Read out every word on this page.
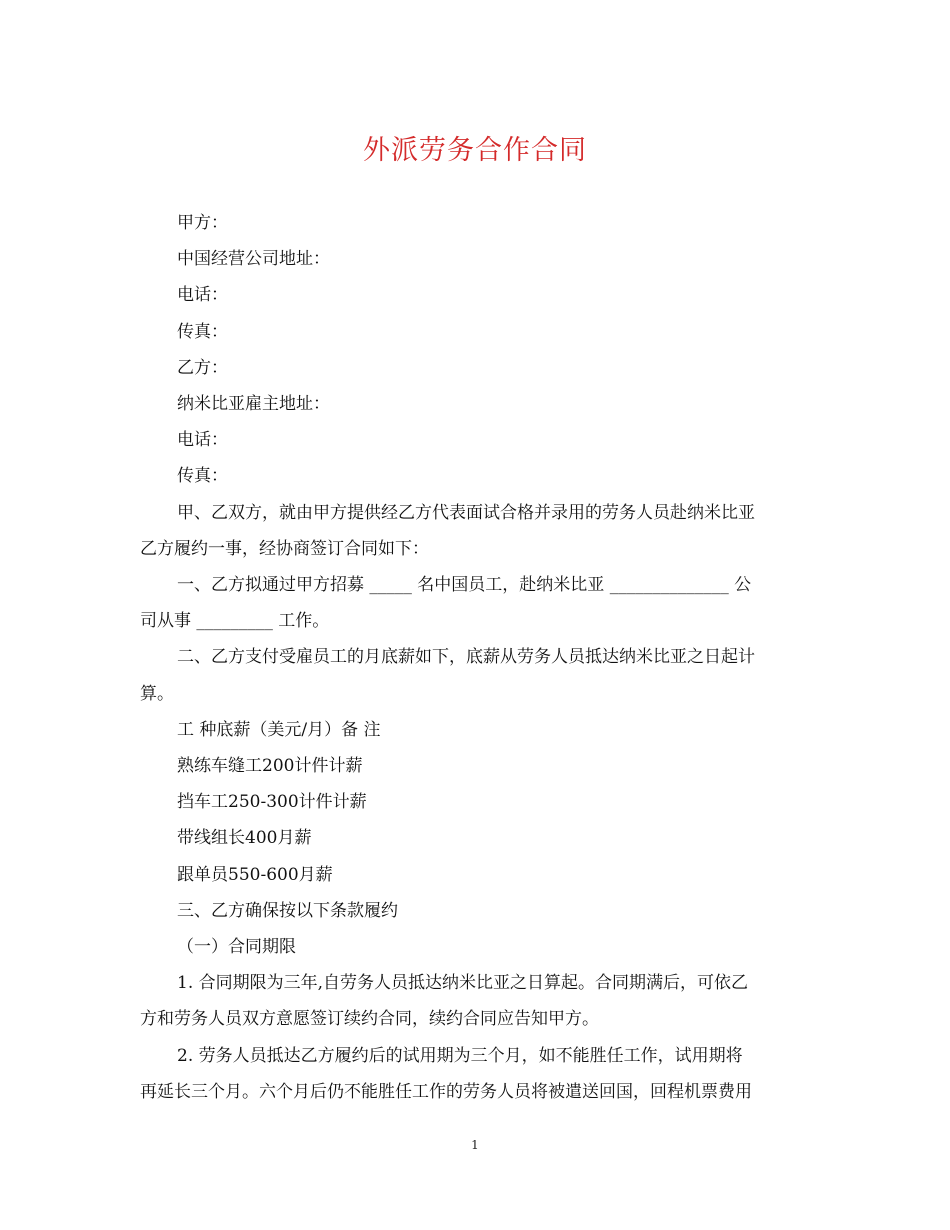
外派劳务合作合同
甲方：
中国经营公司地址：
电话：
传真：
乙方：
纳米比亚雇主地址：
电话：
传真：
甲、乙双方，就由甲方提供经乙方代表面试合格并录用的劳务人员赴纳米比亚
乙方履约一事，经协商签订合同如下：
一、乙方拟通过甲方招募 _____ 名中国员工，赴纳米比亚 ______________ 公
司从事 _________ 工作。
二、乙方支付受雇员工的月底薪如下，底薪从劳务人员抵达纳米比亚之日起计
算。
工 种底薪（美元/月）备 注
熟练车缝工200计件计薪
挡车工250-300计件计薪
带线组长400月薪
跟单员550-600月薪
三、乙方确保按以下条款履约
（一）合同期限
1. 合同期限为三年,自劳务人员抵达纳米比亚之日算起。合同期满后，可依乙
方和劳务人员双方意愿签订续约合同，续约合同应告知甲方。
2. 劳务人员抵达乙方履约后的试用期为三个月，如不能胜任工作，试用期将
再延长三个月。六个月后仍不能胜任工作的劳务人员将被遣送回国，回程机票费用
1
